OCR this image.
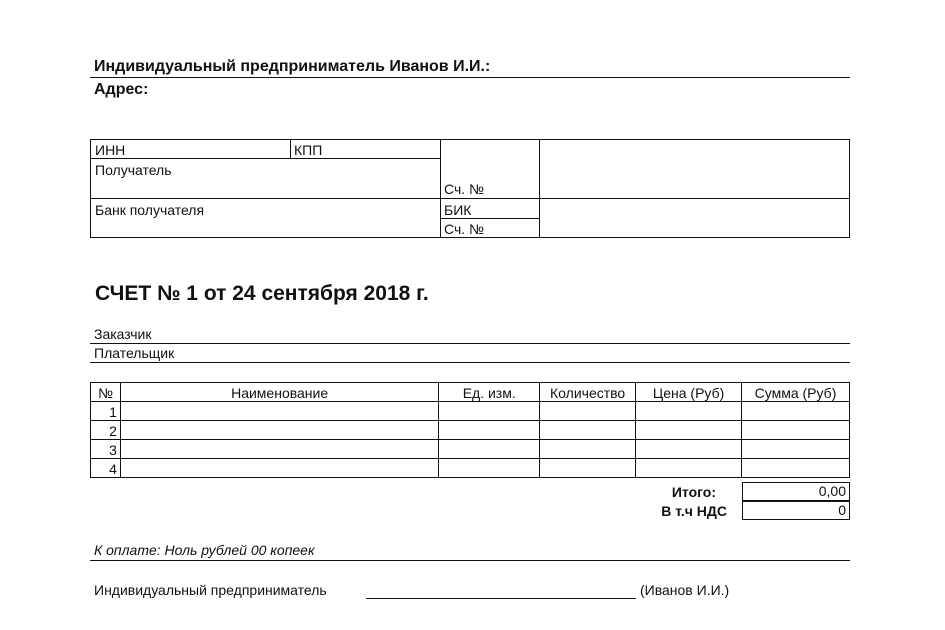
Индивидуальный предприниматель Иванов И.И.:
Адрес:
ИНН	КПП
Получатель
Сч. №
Банк получателя	БИК
Сч. №
СЧЕТ № 1 от 24 сентября 2018 г.
Заказчик
Плательщик
№	Наименование	Ед. изм.	Количество	Цена (Руб)	Сумма (Руб)
1					
2					
3					
4					
Итого:	0,00
В т.ч НДС	0
К оплате: Ноль рублей 00 копеек
Индивидуальный предприниматель	(Иванов И.И.)
